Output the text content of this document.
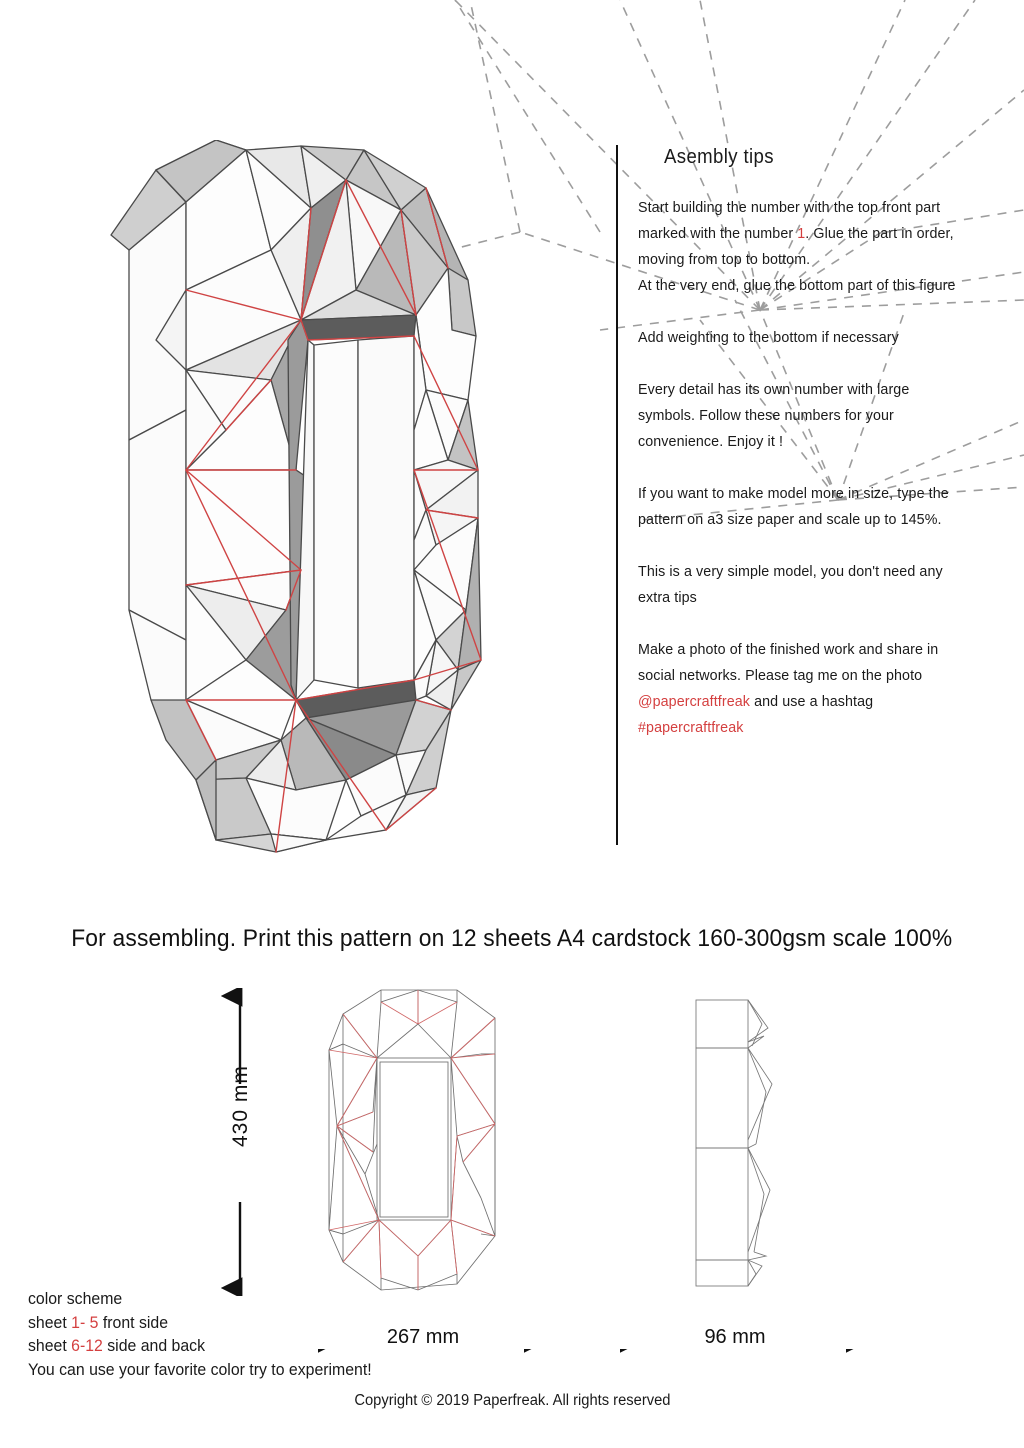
Asembly tips

Start building the number with the top front part marked with the number 1. Glue the part in order, moving from top to bottom.
At the very end, glue the bottom part of this figure

Add weighting to the bottom if necessary

Every detail has its own number with large symbols. Follow these numbers for your convenience. Enjoy it !

If you want to make model more in size, type the pattern on a3 size paper and scale up to 145%.

This is a very simple model, you don't need any extra tips

Make a photo of the finished work and share in social networks. Please tag me on the photo @papercraftfreak and use a hashtag
#papercraftfreak

For assembling. Print this pattern on 12 sheets A4 cardstock 160-300gsm scale 100%
430 mm
267 mm	96 mm
color scheme
sheet 1- 5 front side
sheet 6-12 side and back
You can use your favorite color try to experiment!
Copyright © 2019 Paperfreak. All rights reserved
